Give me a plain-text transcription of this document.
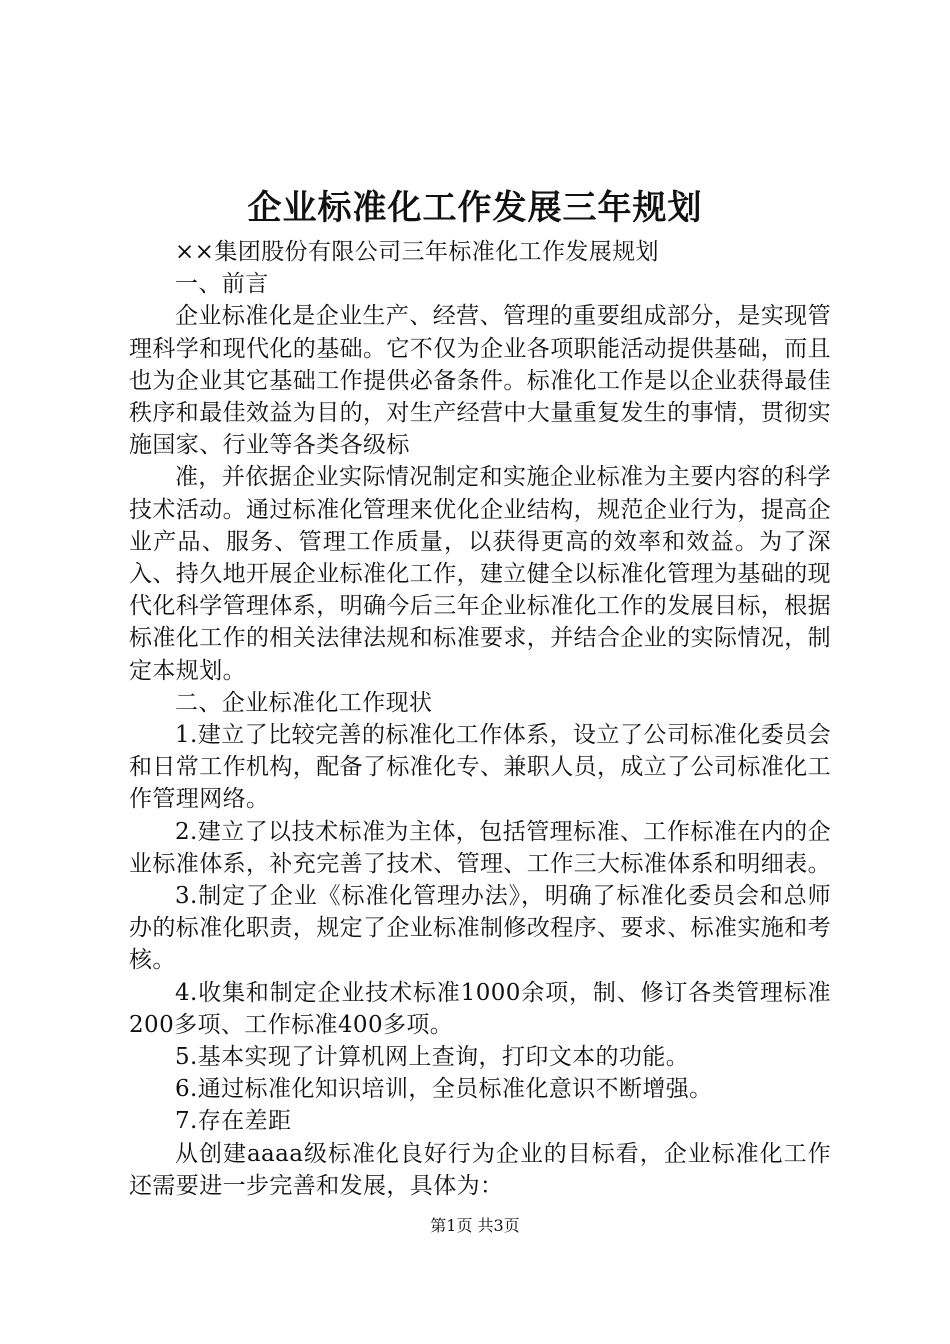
企业标准化工作发展三年规划

××集团股份有限公司三年标准化工作发展规划

一、前言

企业标准化是企业生产、经营、管理的重要组成部分，是实现管理科学和现代化的基础。它不仅为企业各项职能活动提供基础，而且也为企业其它基础工作提供必备条件。标准化工作是以企业获得最佳秩序和最佳效益为目的，对生产经营中大量重复发生的事情，贯彻实施国家、行业等各类各级标

准，并依据企业实际情况制定和实施企业标准为主要内容的科学技术活动。通过标准化管理来优化企业结构，规范企业行为，提高企业产品、服务、管理工作质量，以获得更高的效率和效益。为了深入、持久地开展企业标准化工作，建立健全以标准化管理为基础的现代化科学管理体系，明确今后三年企业标准化工作的发展目标，根据标准化工作的相关法律法规和标准要求，并结合企业的实际情况，制定本规划。

二、企业标准化工作现状

1.建立了比较完善的标准化工作体系，设立了公司标准化委员会和日常工作机构，配备了标准化专、兼职人员，成立了公司标准化工作管理网络。

2.建立了以技术标准为主体，包括管理标准、工作标准在内的企业标准体系，补充完善了技术、管理、工作三大标准体系和明细表。

3.制定了企业《标准化管理办法》，明确了标准化委员会和总师办的标准化职责，规定了企业标准制修改程序、要求、标准实施和考核。

4.收集和制定企业技术标准1000余项，制、修订各类管理标准200多项、工作标准400多项。

5.基本实现了计算机网上查询，打印文本的功能。

6.通过标准化知识培训，全员标准化意识不断增强。

7.存在差距

从创建aaaa级标准化良好行为企业的目标看，企业标准化工作还需要进一步完善和发展，具体为：

第1页 共3页
